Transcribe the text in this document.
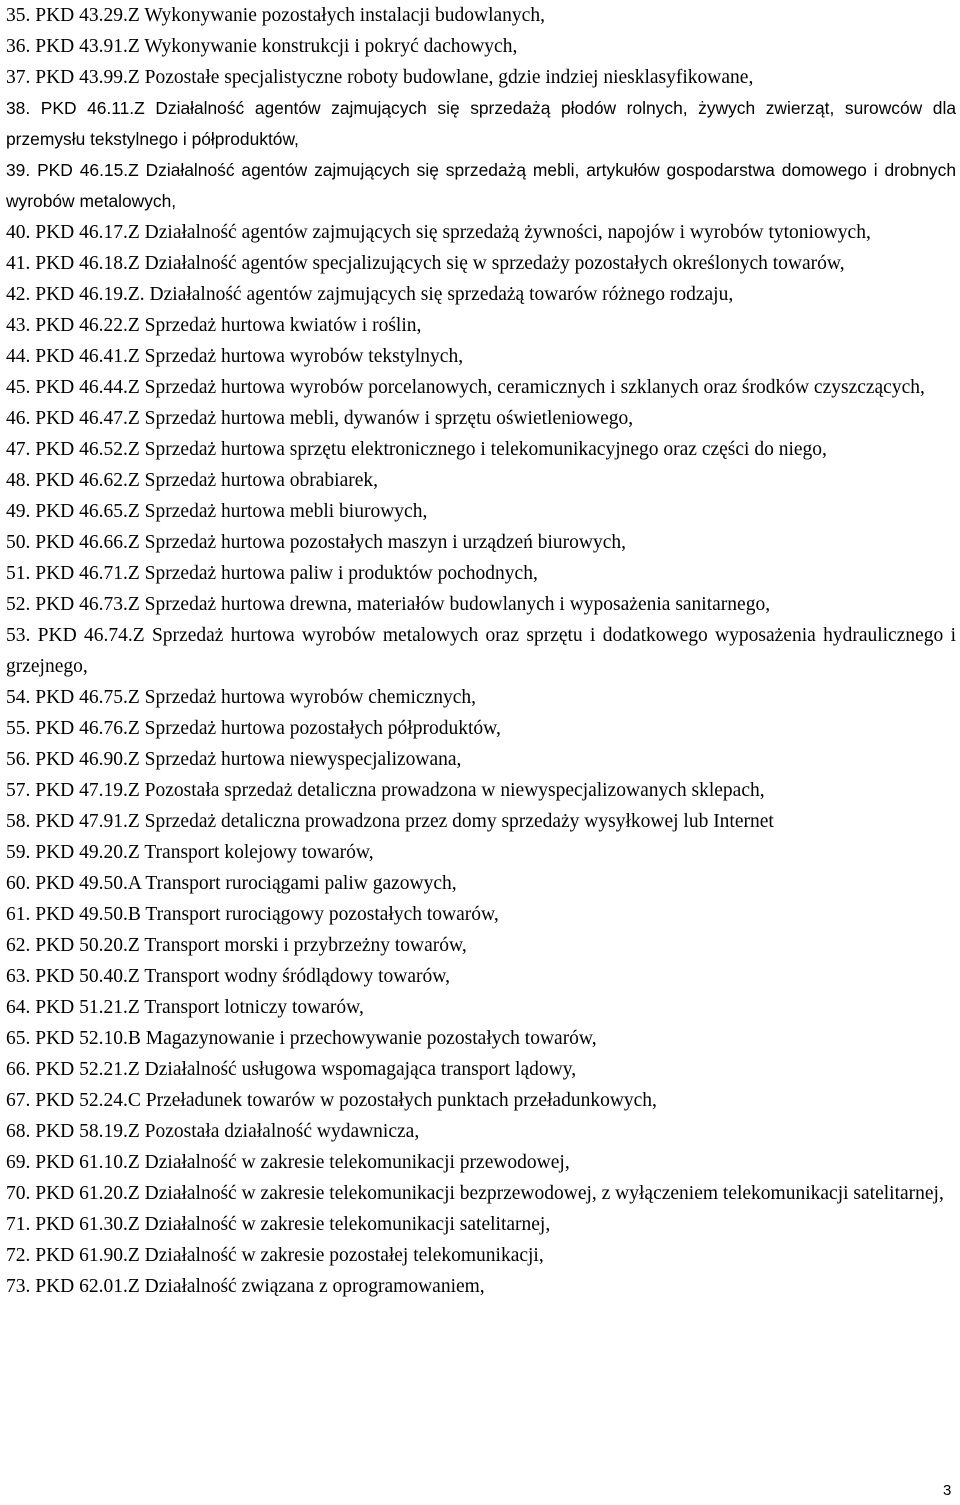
35. PKD 43.29.Z Wykonywanie pozostałych instalacji budowlanych,

36. PKD 43.91.Z Wykonywanie konstrukcji i pokryć dachowych,

37. PKD 43.99.Z Pozostałe specjalistyczne roboty budowlane, gdzie indziej niesklasyfikowane,

38. PKD 46.11.Z Działalność agentów zajmujących się sprzedażą płodów rolnych, żywych zwierząt, surowców dla przemysłu tekstylnego i półproduktów,

39. PKD 46.15.Z Działalność agentów zajmujących się sprzedażą mebli, artykułów gospodarstwa domowego i drobnych wyrobów metalowych,

40. PKD 46.17.Z Działalność agentów zajmujących się sprzedażą żywności, napojów i wyrobów tytoniowych,

41. PKD 46.18.Z Działalność agentów specjalizujących się w sprzedaży pozostałych określonych towarów,

42. PKD 46.19.Z. Działalność agentów zajmujących się sprzedażą towarów różnego rodzaju,

43. PKD 46.22.Z Sprzedaż hurtowa kwiatów i roślin,

44. PKD 46.41.Z Sprzedaż hurtowa wyrobów tekstylnych,

45. PKD 46.44.Z Sprzedaż hurtowa wyrobów porcelanowych, ceramicznych i szklanych oraz środków czyszczących,

46. PKD 46.47.Z Sprzedaż hurtowa mebli, dywanów i sprzętu oświetleniowego,

47. PKD 46.52.Z Sprzedaż hurtowa sprzętu elektronicznego i telekomunikacyjnego oraz części do niego,

48. PKD 46.62.Z Sprzedaż hurtowa obrabiarek,

49. PKD 46.65.Z Sprzedaż hurtowa mebli biurowych,

50. PKD 46.66.Z Sprzedaż hurtowa pozostałych maszyn i urządzeń biurowych,

51. PKD 46.71.Z Sprzedaż hurtowa paliw i produktów pochodnych,

52. PKD 46.73.Z Sprzedaż hurtowa drewna, materiałów budowlanych i wyposażenia sanitarnego,

53. PKD 46.74.Z Sprzedaż hurtowa wyrobów metalowych oraz sprzętu i dodatkowego wyposażenia hydraulicznego i grzejnego,

54. PKD 46.75.Z Sprzedaż hurtowa wyrobów chemicznych,

55. PKD 46.76.Z Sprzedaż hurtowa pozostałych półproduktów,

56. PKD 46.90.Z Sprzedaż hurtowa niewyspecjalizowana,

57. PKD 47.19.Z Pozostała sprzedaż detaliczna prowadzona w niewyspecjalizowanych sklepach,

58. PKD 47.91.Z Sprzedaż detaliczna prowadzona przez domy sprzedaży wysyłkowej lub Internet

59. PKD 49.20.Z Transport kolejowy towarów,

60. PKD 49.50.A Transport rurociągami paliw gazowych,

61. PKD 49.50.B Transport rurociągowy pozostałych towarów,

62. PKD 50.20.Z Transport morski i przybrzeżny towarów,

63. PKD 50.40.Z Transport wodny śródlądowy towarów,

64. PKD 51.21.Z Transport lotniczy towarów,

65. PKD 52.10.B Magazynowanie i przechowywanie pozostałych towarów,

66. PKD 52.21.Z Działalność usługowa wspomagająca transport lądowy,

67. PKD 52.24.C Przeładunek towarów w pozostałych punktach przeładunkowych,

68. PKD 58.19.Z Pozostała działalność wydawnicza,

69. PKD 61.10.Z Działalność w zakresie telekomunikacji przewodowej,

70. PKD 61.20.Z Działalność w zakresie telekomunikacji bezprzewodowej, z wyłączeniem telekomunikacji satelitarnej,

71. PKD 61.30.Z Działalność w zakresie telekomunikacji satelitarnej,

72. PKD 61.90.Z Działalność w zakresie pozostałej telekomunikacji,

73. PKD 62.01.Z Działalność związana z oprogramowaniem,

3
